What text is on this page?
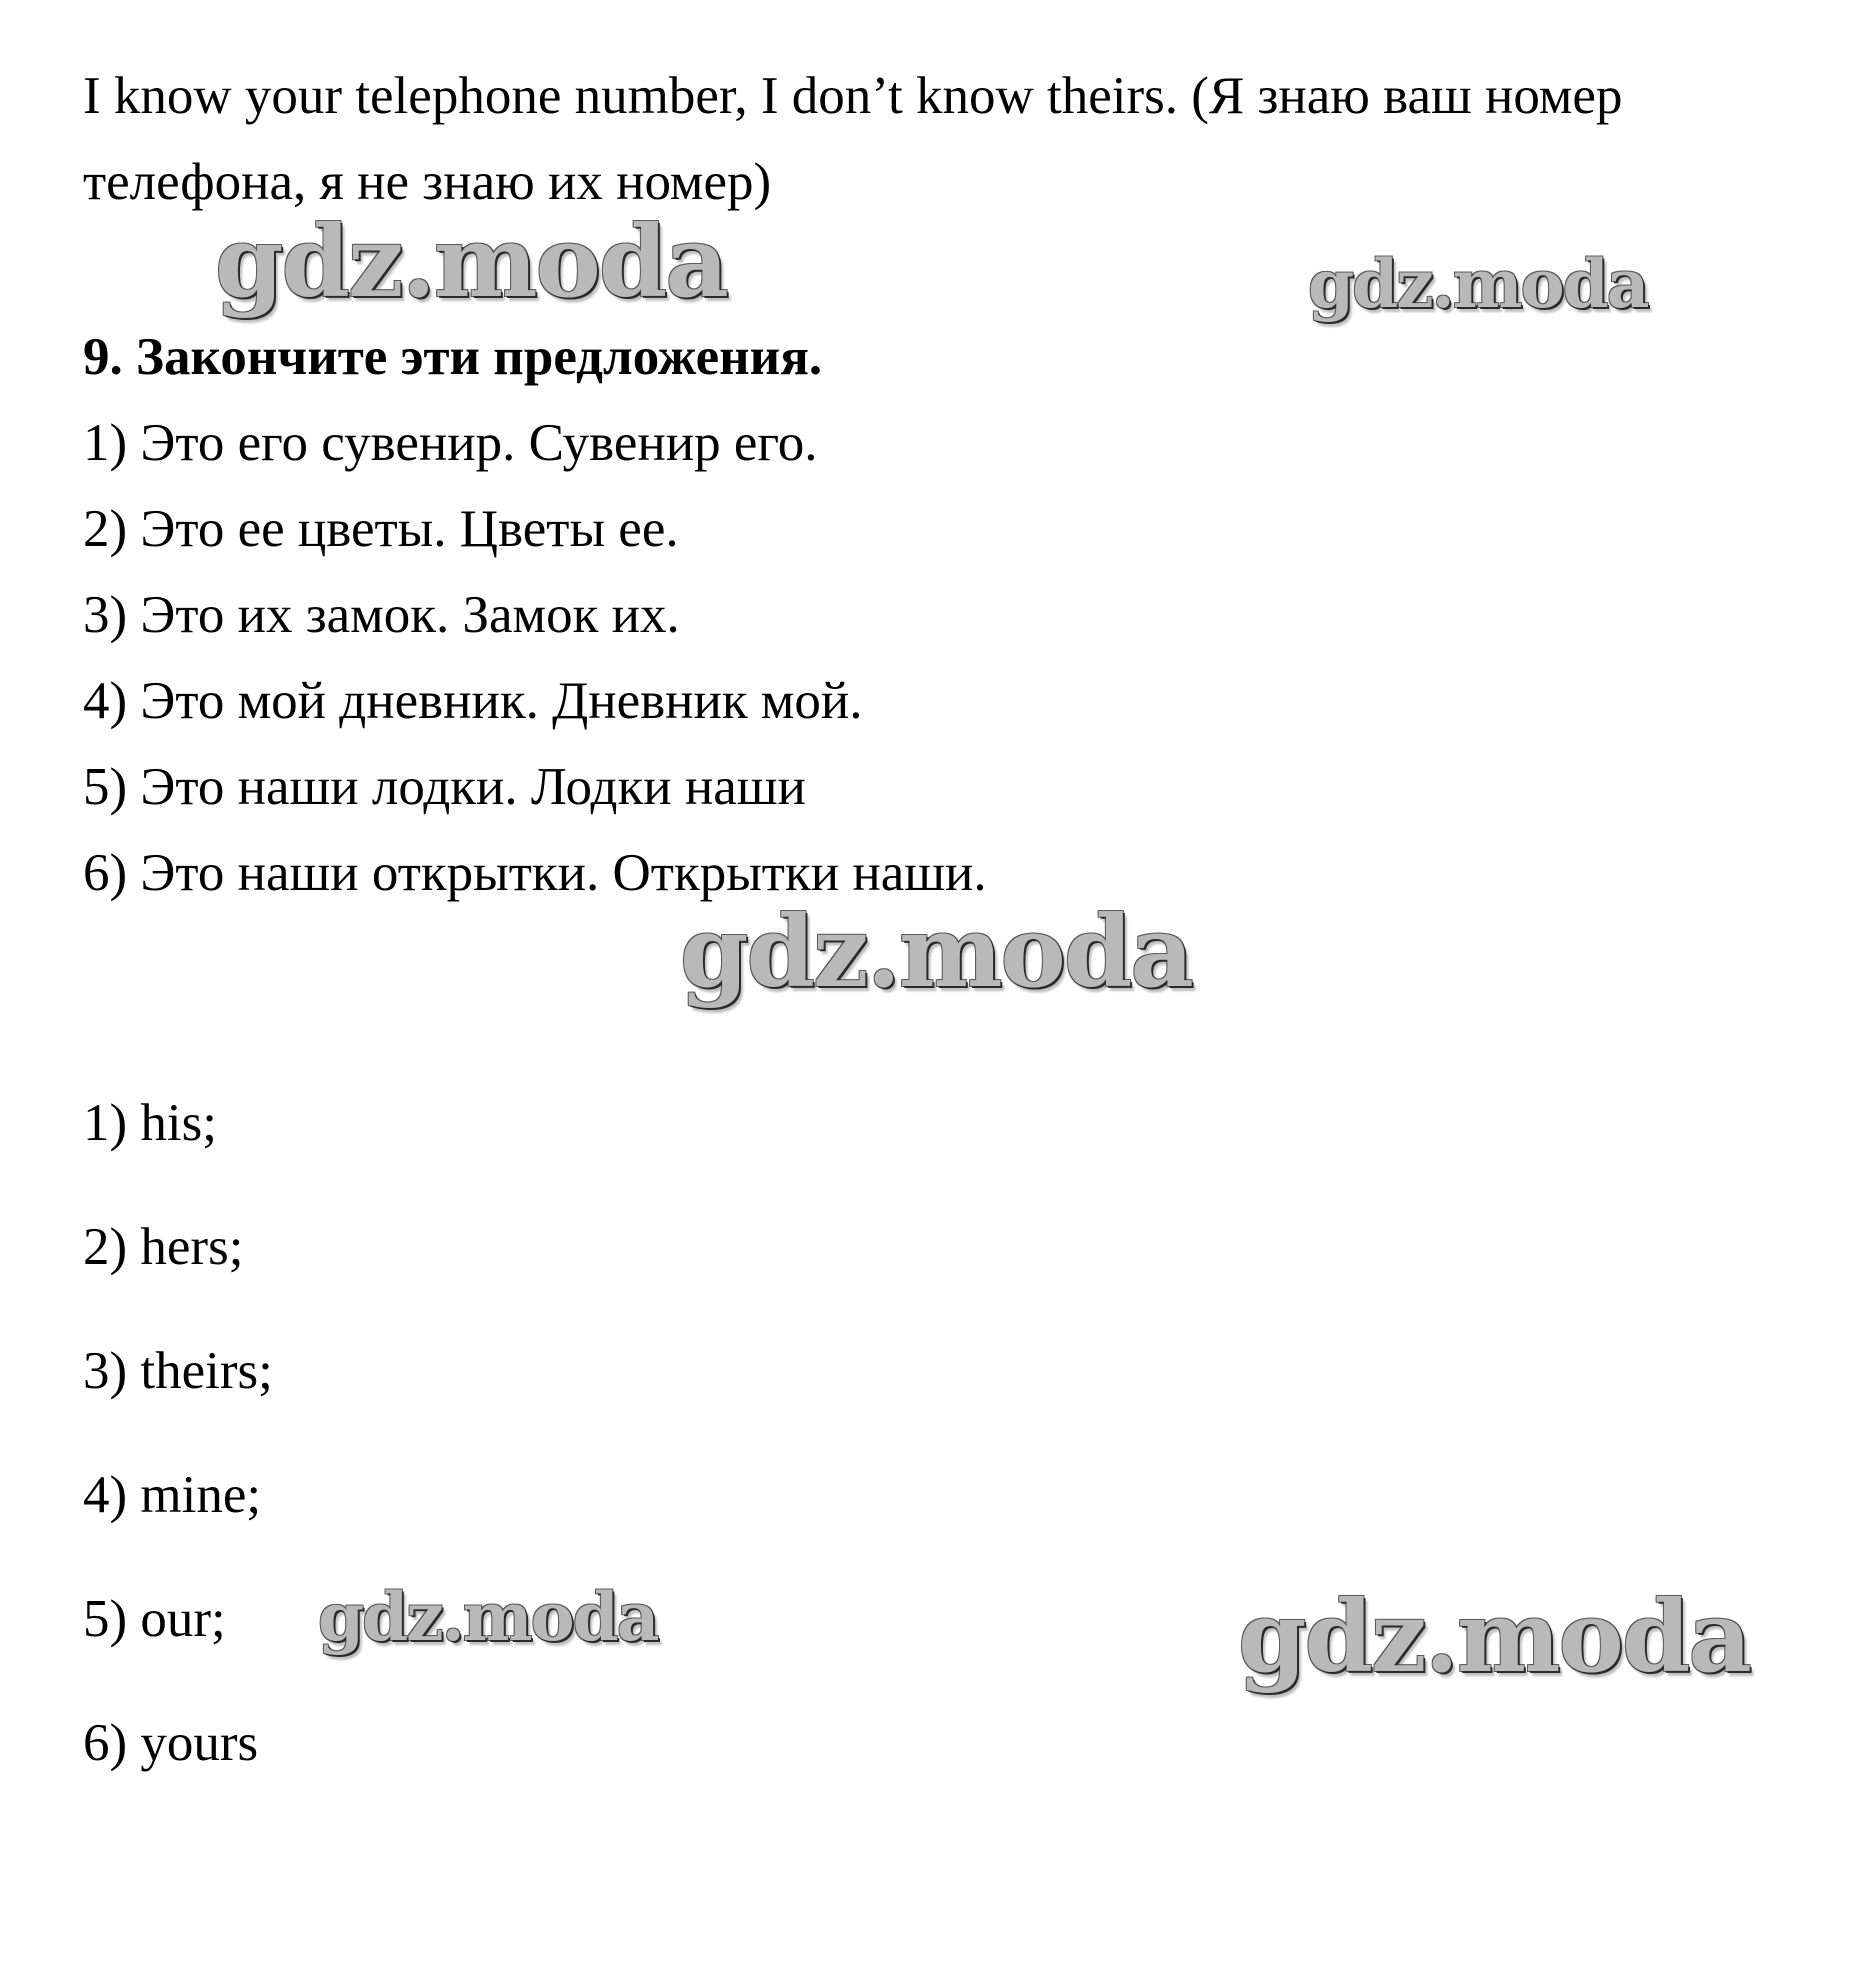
I know your telephone number, I don’t know theirs. (Я знаю ваш номер
телефона, я не знаю их номер)
9. Закончите эти предложения.
1) Это его сувенир. Сувенир его.
2) Это ее цветы. Цветы ее.
3) Это их замок. Замок их.
4) Это мой дневник. Дневник мой.
5) Это наши лодки. Лодки наши
6) Это наши открытки. Открытки наши.
1) his;
2) hers;
3) theirs;
4) mine;
5) our;
6) yours
gdz.moda	gdz.moda
gdz.moda
gdz.moda	gdz.moda
